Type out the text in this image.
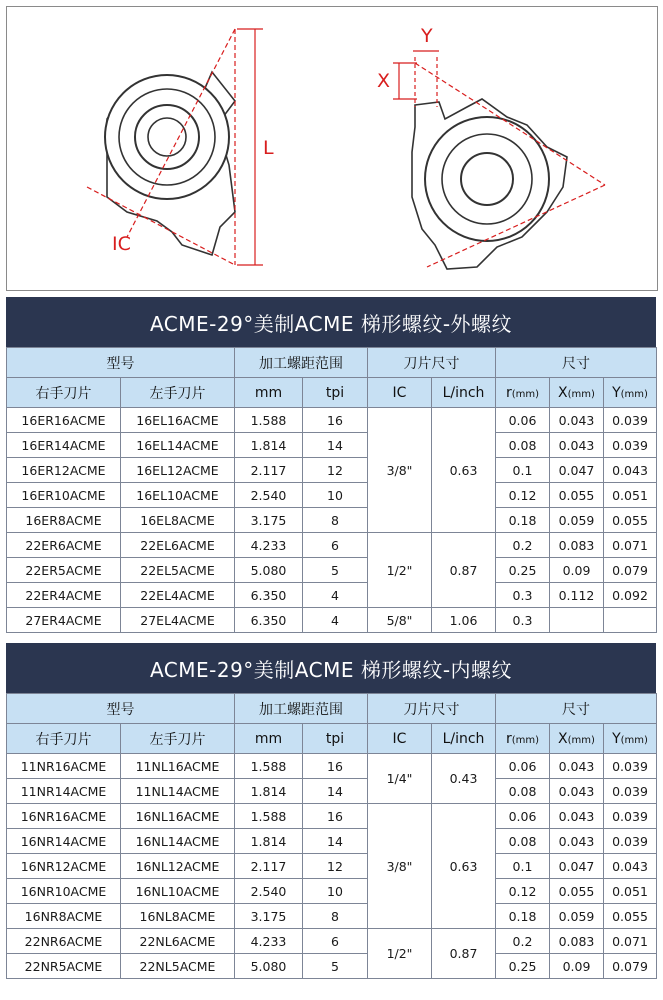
L
IC
X
Y
ACME-29°美制ACME 梯形螺纹-外螺纹
型号		加工螺距范围		刀片尺寸		尺寸		
右手刀片	左手刀片	mm	tpi	IC	L/inch	r(mm)	X(mm)	Y(mm)
16ER16ACME	16EL16ACME	1.588	16	3/8"	0.63	0.06	0.043	0.039
16ER14ACME	16EL14ACME	1.814	14			0.08	0.043	0.039
16ER12ACME	16EL12ACME	2.117	12			0.1	0.047	0.043
16ER10ACME	16EL10ACME	2.540	10			0.12	0.055	0.051
16ER8ACME	16EL8ACME	3.175	8			0.18	0.059	0.055
22ER6ACME	22EL6ACME	4.233	6	1/2"	0.87	0.2	0.083	0.071
22ER5ACME	22EL5ACME	5.080	5			0.25	0.09	0.079
22ER4ACME	22EL4ACME	6.350	4			0.3	0.112	0.092
27ER4ACME	27EL4ACME	6.350	4	5/8"	1.06	0.3		
ACME-29°美制ACME 梯形螺纹-内螺纹
型号		加工螺距范围		刀片尺寸		尺寸		
右手刀片	左手刀片	mm	tpi	IC	L/inch	r(mm)	X(mm)	Y(mm)
11NR16ACME	11NL16ACME	1.588	16	1/4"	0.43	0.06	0.043	0.039
11NR14ACME	11NL14ACME	1.814	14			0.08	0.043	0.039
16NR16ACME	16NL16ACME	1.588	16	3/8"	0.63	0.06	0.043	0.039
16NR14ACME	16NL14ACME	1.814	14			0.08	0.043	0.039
16NR12ACME	16NL12ACME	2.117	12			0.1	0.047	0.043
16NR10ACME	16NL10ACME	2.540	10			0.12	0.055	0.051
16NR8ACME	16NL8ACME	3.175	8			0.18	0.059	0.055
22NR6ACME	22NL6ACME	4.233	6	1/2"	0.87	0.2	0.083	0.071
22NR5ACME	22NL5ACME	5.080	5			0.25	0.09	0.079
